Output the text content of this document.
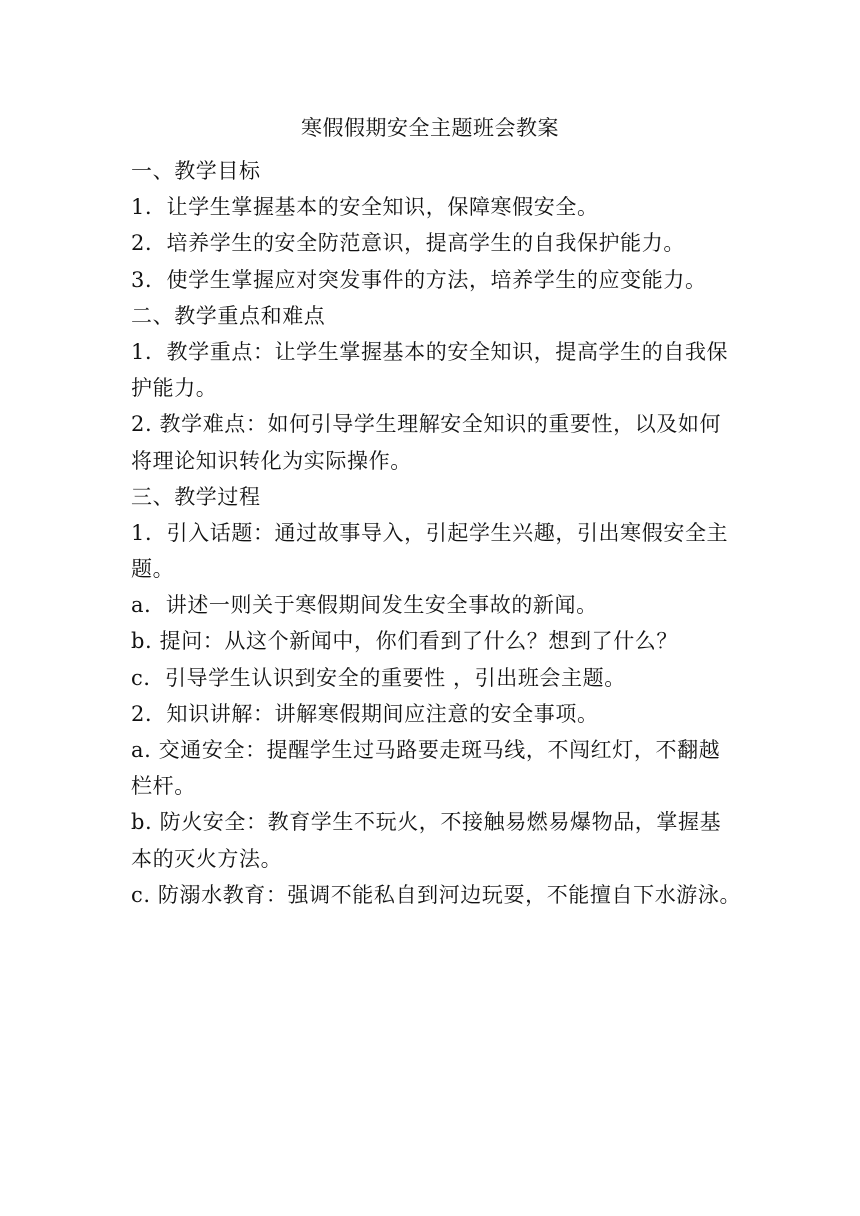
寒假假期安全主题班会教案
一、教学目标
1．让学生掌握基本的安全知识，保障寒假安全。
2．培养学生的安全防范意识，提高学生的自我保护能力。
3．使学生掌握应对突发事件的方法，培养学生的应变能力。
二、教学重点和难点
1．教学重点：让学生掌握基本的安全知识，提高学生的自我保
护能力。
2. 教学难点：如何引导学生理解安全知识的重要性，以及如何
将理论知识转化为实际操作。
三、教学过程
1．引入话题：通过故事导入，引起学生兴趣，引出寒假安全主
题。
a．讲述一则关于寒假期间发生安全事故的新闻。
b. 提问：从这个新闻中，你们看到了什么？想到了什么？
c．引导学生认识到安全的重要性 ，引出班会主题。
2．知识讲解：讲解寒假期间应注意的安全事项。
a. 交通安全：提醒学生过马路要走斑马线，不闯红灯，不翻越
栏杆。
b. 防火安全：教育学生不玩火，不接触易燃易爆物品，掌握基
本的灭火方法。
c. 防溺水教育：强调不能私自到河边玩耍，不能擅自下水游泳。
